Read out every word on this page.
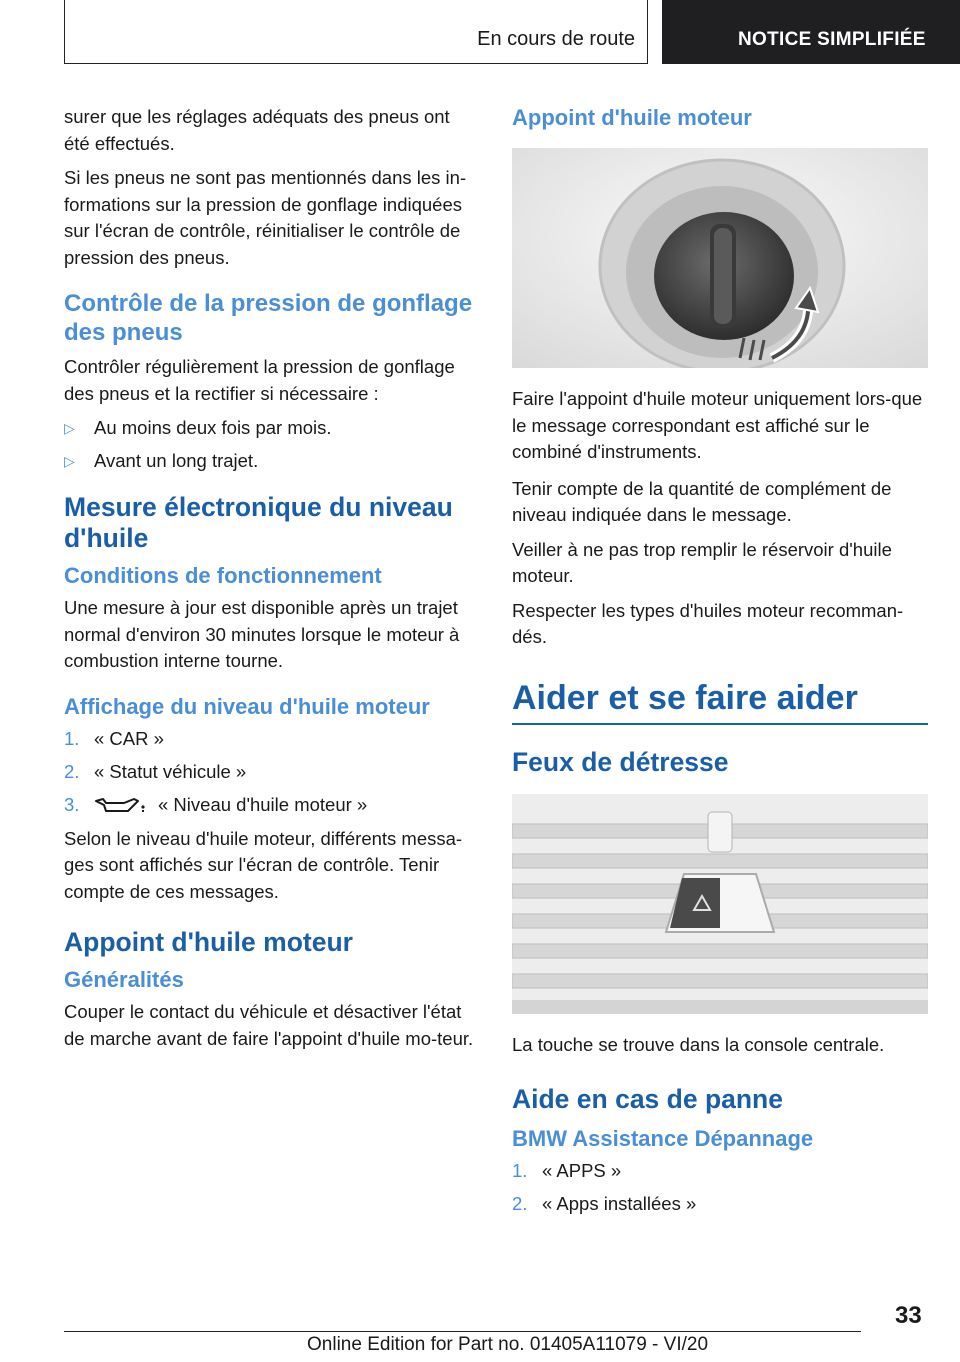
En cours de route	NOTICE SIMPLIFIÉE

surer que les réglages adéquats des pneus ont été effectués.

Si les pneus ne sont pas mentionnés dans les in-formations sur la pression de gonflage indiquées sur l'écran de contrôle, réinitialiser le contrôle de pression des pneus.

Contrôle de la pression de gonflage des pneus

Contrôler régulièrement la pression de gonflage des pneus et la rectifier si nécessaire :

▷ Au moins deux fois par mois.
▷ Avant un long trajet.
Mesure électronique du niveau d'huile
Conditions de fonctionnement

Une mesure à jour est disponible après un trajet normal d'environ 30 minutes lorsque le moteur à combustion interne tourne.

Affichage du niveau d'huile moteur
1. « CAR »
2. « Statut véhicule »
3.	« Niveau d'huile moteur »

Selon le niveau d'huile moteur, différents messa-ges sont affichés sur l'écran de contrôle. Tenir compte de ces messages.

Appoint d'huile moteur
Généralités

Couper le contact du véhicule et désactiver l'état de marche avant de faire l'appoint d'huile mo-teur.

Appoint d'huile moteur

Faire l'appoint d'huile moteur uniquement lors-que le message correspondant est affiché sur le combiné d'instruments.

Tenir compte de la quantité de complément de niveau indiquée dans le message.

Veiller à ne pas trop remplir le réservoir d'huile moteur.

Respecter les types d'huiles moteur recomman-dés.

Aider et se faire aider
Feux de détresse

La touche se trouve dans la console centrale.

Aide en cas de panne
BMW Assistance Dépannage
1. « APPS »
2. « Apps installées »
33
Online Edition for Part no. 01405A11079 - VI/20
